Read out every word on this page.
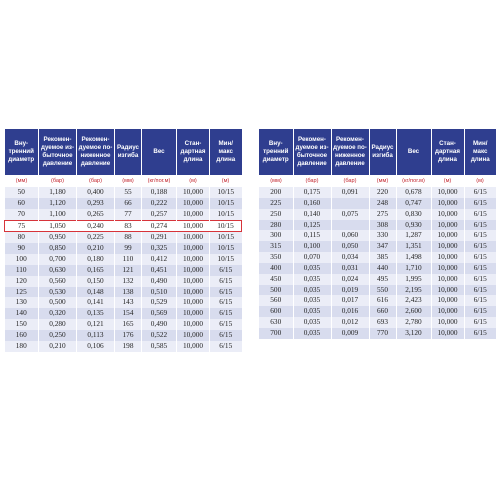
Вну-тренний диаметр	Рекомен-дуемое из-быточное давление	Рекомен-дуемое по-ниженное давление	Радиус изгиба	Вес	Стан-дартная длина	Мин/ макс длина
(мм)	(бар)	(бар)	(мм)	(кг/пог.м)	(м)	(м)
50	1,180	0,400	55	0,188	10,000	10/15
60	1,120	0,293	66	0,222	10,000	10/15
70	1,100	0,265	77	0,257	10,000	10/15
75	1,050	0,240	83	0,274	10,000	10/15
80	0,950	0,225	88	0,291	10,000	10/15
90	0,850	0,210	99	0,325	10,000	10/15
100	0,700	0,180	110	0,412	10,000	10/15
110	0,630	0,165	121	0,451	10,000	6/15
120	0,560	0,150	132	0,490	10,000	6/15
125	0,530	0,148	138	0,510	10,000	6/15
130	0,500	0,141	143	0,529	10,000	6/15
140	0,320	0,135	154	0,569	10,000	6/15
150	0,280	0,121	165	0,490	10,000	6/15
160	0,250	0,113	176	0,522	10,000	6/15
180	0,210	0,106	198	0,585	10,000	6/15
Вну-тренний диаметр	Рекомен-дуемое из-быточное давление	Рекомен-дуемое по-ниженное давление	Радиус изгиба	Вес	Стан-дартная длина	Мин/ макс длина
(мм)	(бар)	(бар)	(мм)	(кг/пог.м)	(м)	(м)
200	0,175	0,091	220	0,678	10,000	6/15
225	0,160		248	0,747	10,000	6/15
250	0,140	0,075	275	0,830	10,000	6/15
280	0,125		308	0,930	10,000	6/15
300	0,115	0,060	330	1,287	10,000	6/15
315	0,100	0,050	347	1,351	10,000	6/15
350	0,070	0,034	385	1,498	10,000	6/15
400	0,035	0,031	440	1,710	10,000	6/15
450	0,035	0,024	495	1,995	10,000	6/15
500	0,035	0,019	550	2,195	10,000	6/15
560	0,035	0,017	616	2,423	10,000	6/15
600	0,035	0,016	660	2,600	10,000	6/15
630	0,035	0,012	693	2,780	10,000	6/15
700	0,035	0,009	770	3,120	10,000	6/15
